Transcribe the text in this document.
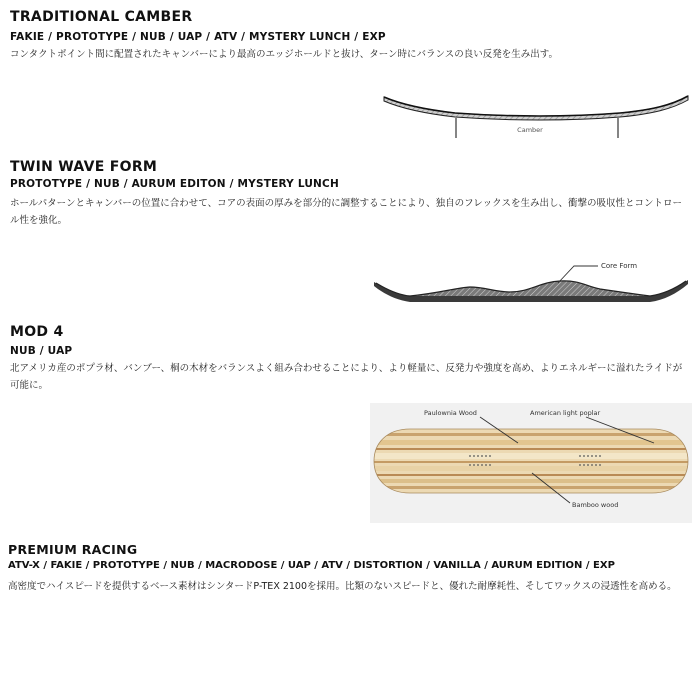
TRADITIONAL CAMBER
FAKIE / PROTOTYPE / NUB / UAP / ATV / MYSTERY LUNCH / EXP
コンタクトポイント間に配置されたキャンバーにより最高のエッジホールドと抜け、ターン時にバランスの良い反発を生み出す。
Camber
TWIN WAVE FORM
PROTOTYPE / NUB / AURUM EDITON / MYSTERY LUNCH
ホールパターンとキャンバーの位置に合わせて、コアの表面の厚みを部分的に調整することにより、独自のフレックスを生み出し、衝撃の吸収性とコントロール性を強化。
Core Form
MOD 4
NUB / UAP
北アメリカ産のポプラ材、バンブー、桐の木材をバランスよく組み合わせることにより、より軽量に、反発力や強度を高め、よりエネルギーに溢れたライドが可能に。
Paulownia Wood	American light poplar
Bamboo wood
PREMIUM RACING
ATV-X / FAKIE / PROTOTYPE / NUB / MACRODOSE / UAP / ATV / DISTORTION / VANILLA / AURUM EDITION / EXP
高密度でハイスピードを提供するベース素材はシンタードP-TEX 2100を採用。比類のないスピードと、優れた耐摩耗性、そしてワックスの浸透性を高める。
